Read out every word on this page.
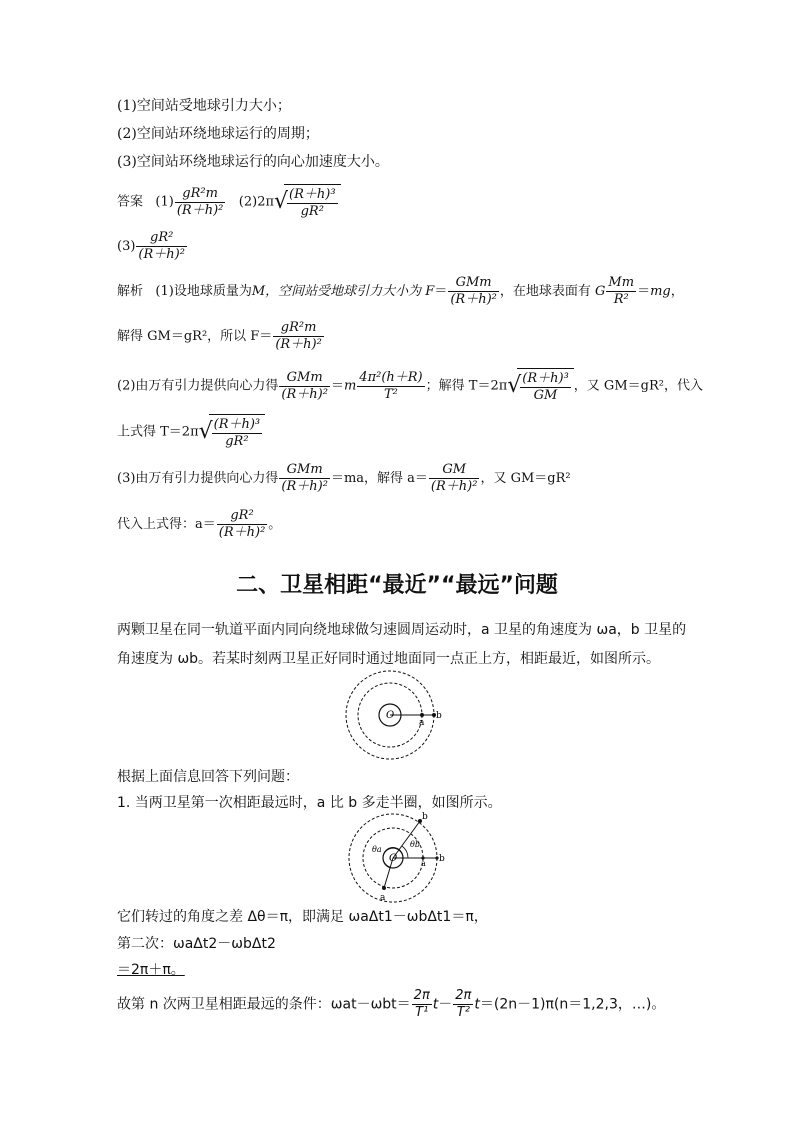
(1)空间站受地球引力大小；
(2)空间站环绕地球运行的周期；
(3)空间站环绕地球运行的向心加速度大小。
答案 $(1) \frac{\text{gR²m}}{\text{(R＋h)²}} (2)2\pi$ √
$\frac{\text{(R＋h)³}}{\text{gR²}}$
$(3) \frac{\text{gR²}}{\text{(R＋h)²}}$
解析 (1)设地球质量为M，空间站受地球引力大小为 $F= \frac{\text{GMm}}{\text{(R＋h)²}}$ ，在地球表面有 G $\frac{Mm}{\text{R²}} =mg$，
解得 GM＝gR²，所以 $F= \frac{\text{gR²m}}{\text{(R＋h)²}}$
(2)由万有引力提供向心力得 $\frac{\text{GMm}}{\text{(R＋h)²}} =m \frac{\text{4π²(h＋R)}}{\text{T²}}$ ；解得 T＝2π √
$\frac{\text{(R＋h)³}}{GM}$ ，又 GM＝gR²，代入
上式得 T＝2π √
$\frac{\text{(R＋h)³}}{\text{gR²}}$
(3)由万有引力提供向心力得 $\frac{\text{GMm}}{\text{(R＋h)²}} =ma$，解得 $a= \frac{GM}{\text{(R＋h)²}}$ ，又 GM＝gR²
代入上式得：$a= \frac{\text{gR²}}{\text{(R＋h)²}}$ 。
二、卫星相距“最近”“最远”问题
两颗卫星在同一轨道平面内同向绕地球做匀速圆周运动时，a 卫星的角速度为 ωa，b 卫星的角速度为 ωb。若某时刻两卫星正好同时通过地面同一点正上方，相距最近，如图所示。
O
a
b
根据上面信息回答下列问题：
1. 当两卫星第一次相距最远时，a 比 b 多走半圈，如图所示。
O
b
a
a b
θb
θa
它们转过的角度之差 Δθ＝π，即满足 ωaΔt1－ωbΔt1＝π，
第二次：ωaΔt2－ωbΔt2
＝2π＋π。
故第 n 次两卫星相距最远的条件：$\omega at-\omega bt= \frac{2\pi}{\text{T¹}} t- \frac{2\pi}{\text{T²}} t=(2n-1)\pi(n=1,2,3$，…)。
